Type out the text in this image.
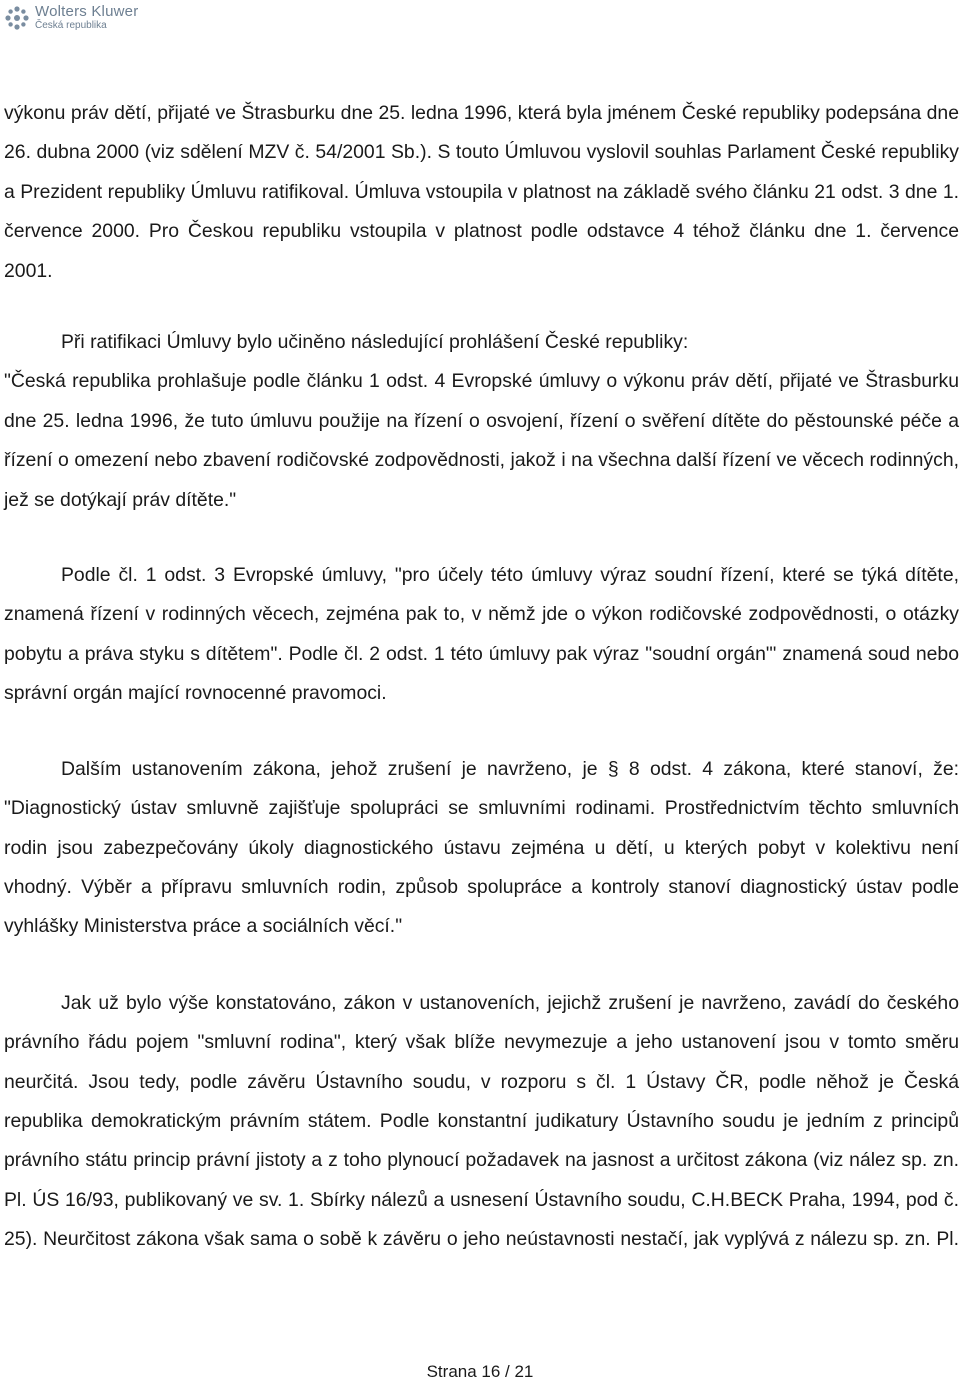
Wolters Kluwer
Česká republika

výkonu práv dětí, přijaté ve Štrasburku dne 25. ledna 1996, která byla jménem České republiky podepsána dne 26. dubna 2000 (viz sdělení MZV č. 54/2001 Sb.). S touto Úmluvou vyslovil souhlas Parlament České republiky a Prezident republiky Úmluvu ratifikoval. Úmluva vstoupila v platnost na základě svého článku 21 odst. 3 dne 1. července 2000. Pro Českou republiku vstoupila v platnost podle odstavce 4 téhož článku dne 1. července 2001.

Při ratifikaci Úmluvy bylo učiněno následující prohlášení České republiky:

"Česká republika prohlašuje podle článku 1 odst. 4 Evropské úmluvy o výkonu práv dětí, přijaté ve Štrasburku dne 25. ledna 1996, že tuto úmluvu použije na řízení o osvojení, řízení o svěření dítěte do pěstounské péče a řízení o omezení nebo zbavení rodičovské zodpovědnosti, jakož i na všechna další řízení ve věcech rodinných, jež se dotýkají práv dítěte."

Podle čl. 1 odst. 3 Evropské úmluvy, "pro účely této úmluvy výraz soudní řízení, které se týká dítěte, znamená řízení v rodinných věcech, zejména pak to, v němž jde o výkon rodičovské zodpovědnosti, o otázky pobytu a práva styku s dítětem". Podle čl. 2 odst. 1 této úmluvy pak výraz "soudní orgán"' znamená soud nebo správní orgán mající rovnocenné pravomoci.

Dalším ustanovením zákona, jehož zrušení je navrženo, je § 8 odst. 4 zákona, které stanoví, že: "Diagnostický ústav smluvně zajišťuje spolupráci se smluvními rodinami. Prostřednictvím těchto smluvních rodin jsou zabezpečovány úkoly diagnostického ústavu zejména u dětí, u kterých pobyt v kolektivu není vhodný. Výběr a přípravu smluvních rodin, způsob spolupráce a kontroly stanoví diagnostický ústav podle vyhlášky Ministerstva práce a sociálních věcí."

Jak už bylo výše konstatováno, zákon v ustanoveních, jejichž zrušení je navrženo, zavádí do českého právního řádu pojem "smluvní rodina", který však blíže nevymezuje a jeho ustanovení jsou v tomto směru neurčitá. Jsou tedy, podle závěru Ústavního soudu, v rozporu s čl. 1 Ústavy ČR, podle něhož je Česká republika demokratickým právním státem. Podle konstantní judikatury Ústavního soudu je jedním z principů právního státu princip právní jistoty a z toho plynoucí požadavek na jasnost a určitost zákona (viz nález sp. zn. Pl. ÚS 16/93, publikovaný ve sv. 1. Sbírky nálezů a usnesení Ústavního soudu, C.H.BECK Praha, 1994, pod č. 25). Neurčitost zákona však sama o sobě k závěru o jeho neústavnosti nestačí, jak vyplývá z nálezu sp. zn. Pl.

Strana 16 / 21
